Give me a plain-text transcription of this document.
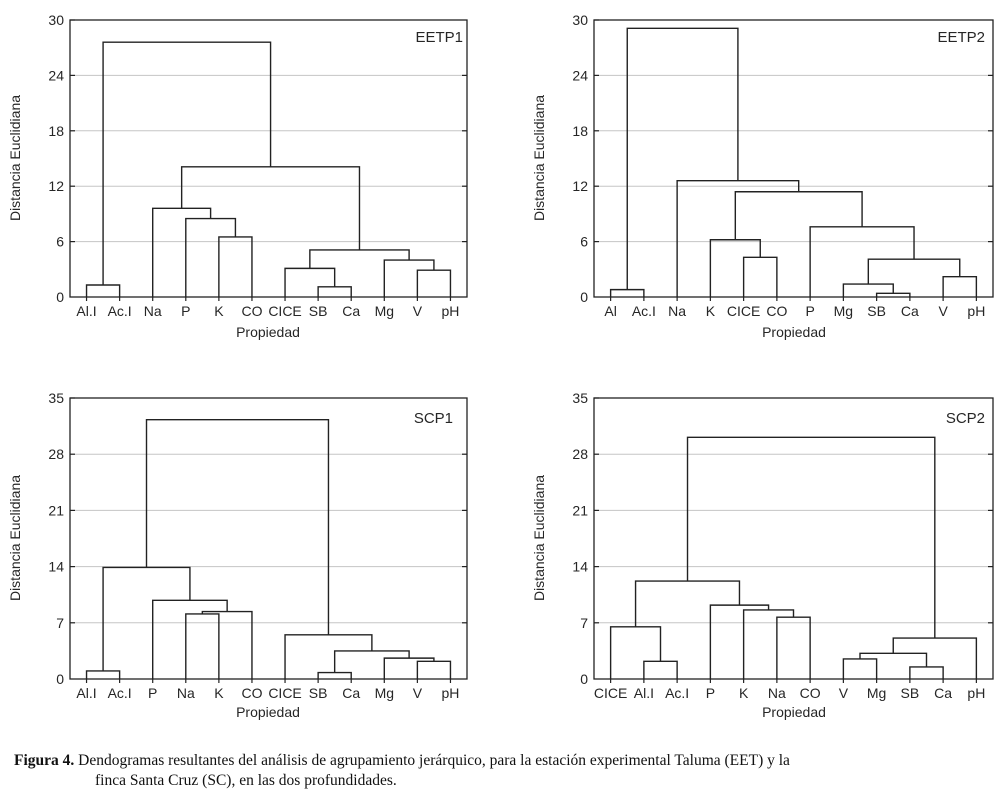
0
6
12
18
24
30
Al.I Ac.I Na P K CO CICE SB Ca Mg V pH
0
6
12
18
24
30
Al Ac.I Na K CICE CO P Mg SB Ca V pH
0
7
14
21
28
35
Al.I Ac.I P Na K CO CICE SB Ca Mg V pH
0
7
14
21
28
35
CICE Al.I Ac.I P K Na CO V Mg SB Ca pH
EETP1	EETP2
SCP1	SCP2
Distancia Euclidiana	Distancia Euclidiana
Distancia Euclidiana	Distancia Euclidiana
Propiedad	Propiedad
Propiedad	Propiedad
Figura 4. Dendogramas resultantes del análisis de agrupamiento jerárquico, para la estación experimental Taluma (EET) y la
finca Santa Cruz (SC), en las dos profundidades.
